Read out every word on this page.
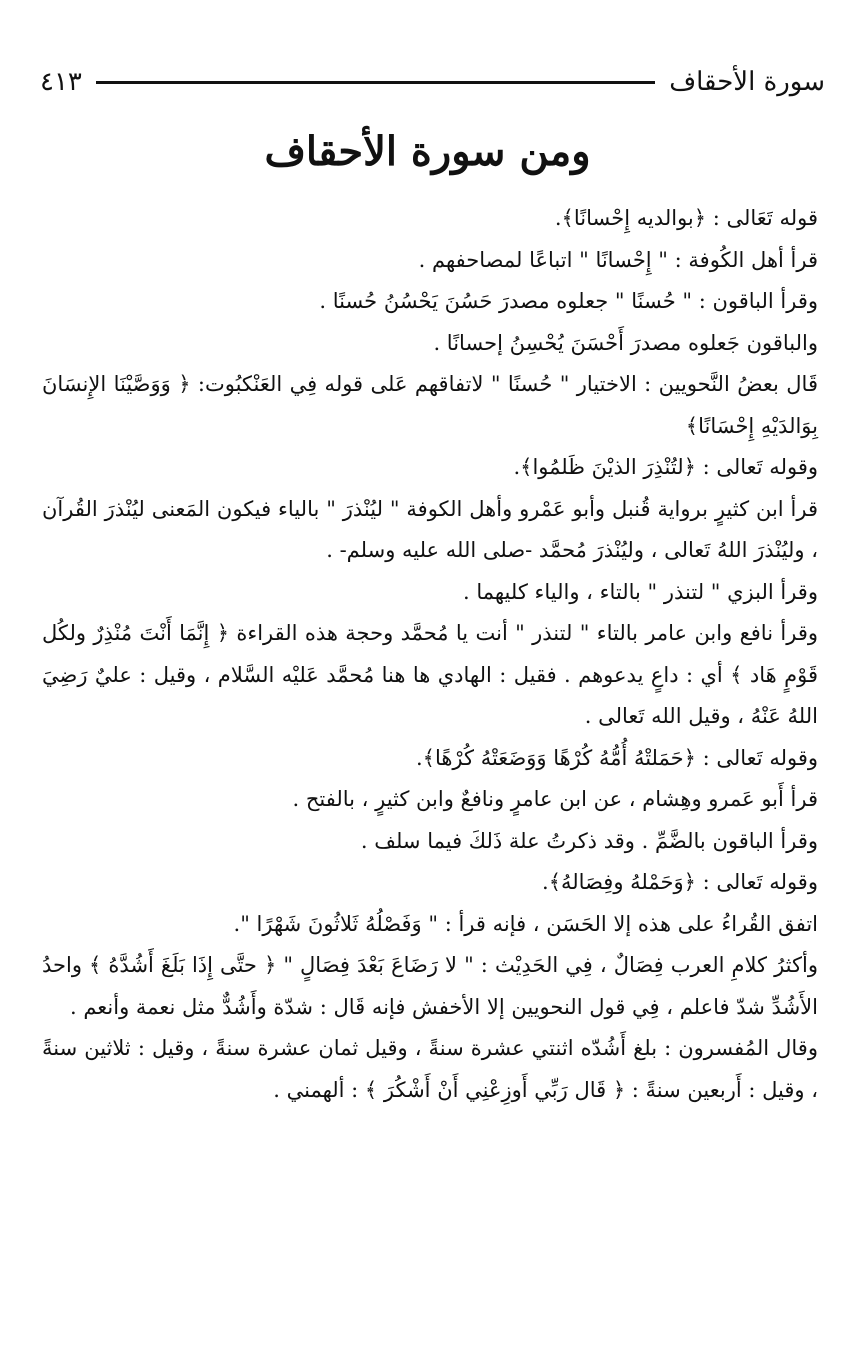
سورة الأحقاف
٤١٣
ومن سورة الأحقاف

قوله تَعَالى : ﴿بوالديه إِحْسانًا﴾.

قرأ أهل الكُوفة : " إِحْسانًا " اتباعًا لمصاحفهم .

وقرأ الباقون : " حُسنًا " جعلوه مصدرَ حَسُنَ يَحْسُنُ حُسنًا .

والباقون جَعلوه مصدرَ أَحْسَنَ يُحْسِنُ إحسانًا .

قَال بعضُ النَّحويين : الاختيار " حُسنًا " لاتفاقهم عَلى قوله فِي العَنْكبُوت: ﴿ وَوَصَّيْنَا الإِنسَانَ بِوَالدَيْهِ إِحْسَانًا﴾

وقوله تَعالى : ﴿لتُنْذِرَ الذيْنَ ظَلمُوا﴾.

قرأ ابن كثيرٍ برواية قُنبل وأبو عَمْرو وأهل الكوفة " ليُنْذرَ " بالياء فيكون المَعنى ليُنْذرَ القُرآن ، وليُنْذرَ اللهُ تَعالى ، وليُنْذرَ مُحمَّد -صلى الله عليه وسلم- .

وقرأ البزي " لتنذر " بالتاء ، والياء كليهما .

وقرأ نافع وابن عامر بالتاء " لتنذر " أنت يا مُحمَّد وحجة هذه القراءة ﴿ إِنَّمَا أَنْتَ مُنْذِرٌ ولكُل قَوْمٍ هَاد ﴾ أي : داعٍ يدعوهم . فقيل : الهادي ها هنا مُحمَّد عَليْه السَّلام ، وقيل : عليٌ رَضِيَ اللهُ عَنْهُ ، وقيل الله تَعالى .

وقوله تَعالى : ﴿حَمَلتْهُ أُمُّهُ كُرْهًا وَوَضَعَتْهُ كُرْهًا﴾.

قرأ أَبو عَمرو وهِشام ، عن ابن عامرٍ ونافعٌ وابن كثيرٍ ، بالفتح .

وقرأ الباقون بالضَّمِّ . وقد ذكرتُ علة ذَلكَ فيما سلف .

وقوله تَعالى : ﴿وَحَمْلهُ وفِصَالهُ﴾.

اتفق القُراءُ على هذه إلا الحَسَن ، فإنه قرأ : " وَفَصْلُهُ ثَلاثُونَ شَهْرًا ".

وأكثرُ كلامِ العرب فِصَالٌ ، فِي الحَدِيْث : " لا رَضَاعَ بَعْدَ فِصَالٍ " ﴿ حتَّى إِذَا بَلَغَ أَشُدَّهُ ﴾ واحدُ الأَشُدِّ شدّ فاعلم ، فِي قول النحويين إلا الأخفش فإنه قَال : شدّة وأَشُدٌّ مثل نعمة وأنعم .

وقال المُفسرون : بلغ أَشُدّه اثنتي عشرة سنةً ، وقيل ثمان عشرة سنةً ، وقيل : ثلاثين سنةً ، وقيل : أَربعين سنةً : ﴿ قَال رَبِّي أَوزِعْنِي أَنْ أَشْكُرَ ﴾ : ألهمني .
